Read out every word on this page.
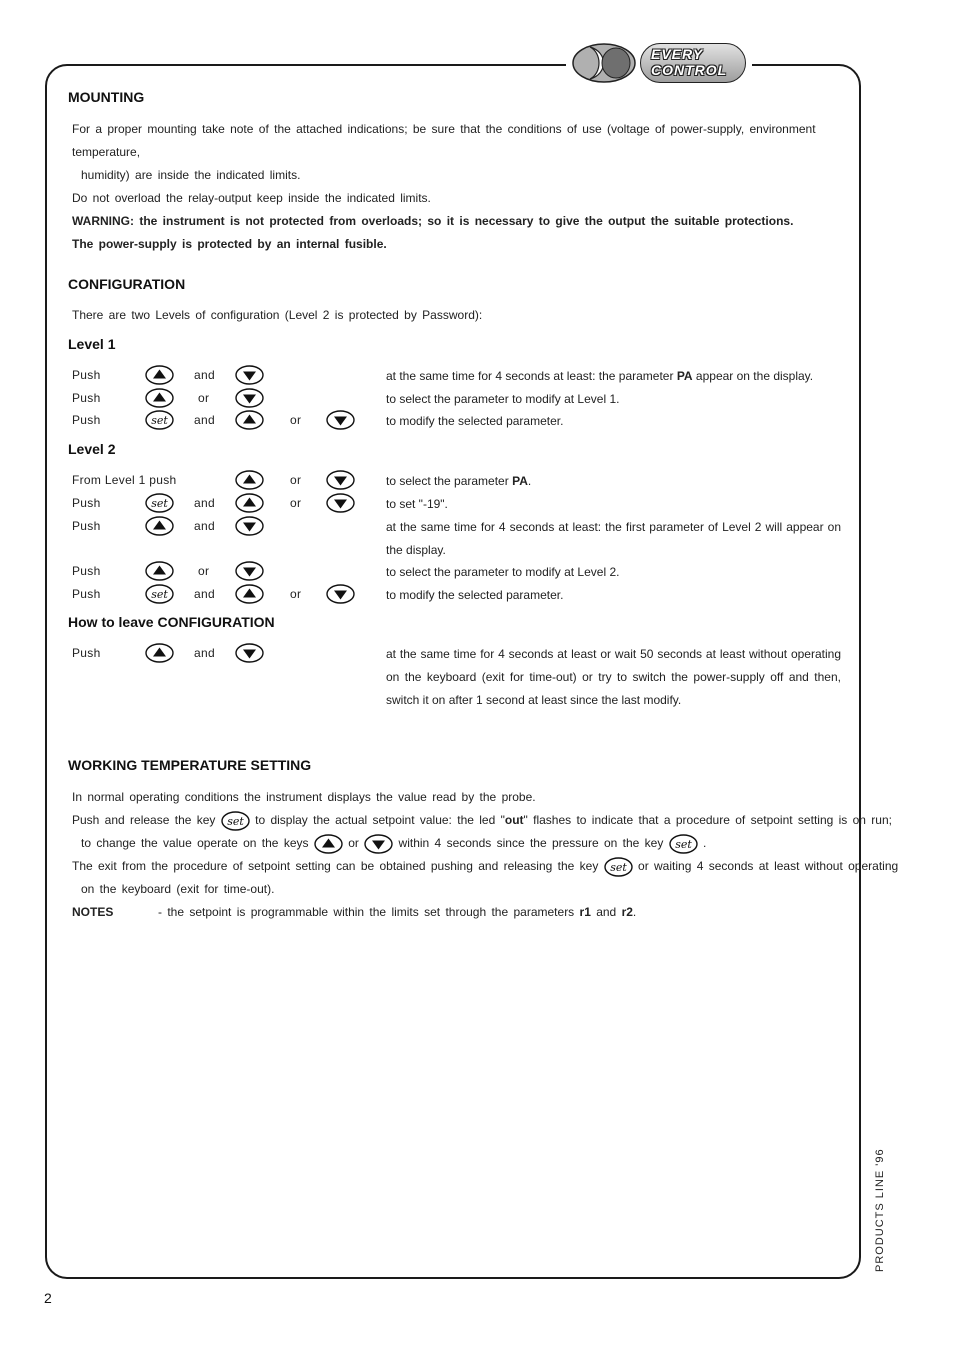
EVERY
CONTROL
MOUNTING
For a proper mounting take note of the attached indications; be sure that the conditions of use (voltage of power-supply, environment temperature,
humidity) are inside the indicated limits.
Do not overload the relay-output keep inside the indicated limits.
WARNING: the instrument is not protected from overloads; so it is necessary to give the output the suitable protections.
The power-supply is protected by an internal fusible.
CONFIGURATION
There are two Levels of configuration (Level 2 is protected by Password):
Level 1
Push	and	at the same time for 4 seconds at least: the parameter PA appear on the display.
Push	or	to select the parameter to modify at Level 1.
Push	set and	or	to modify the selected parameter.
Level 2
From Level 1 push	or	to select the parameter PA.
Push	set and	or	to set "-19".
Push	and	at the same time for 4 seconds at least: the first parameter of Level 2 will appear on the display.
Push	or	to select the parameter to modify at Level 2.
Push	set and	or	to modify the selected parameter.
How to leave CONFIGURATION
Push	and	at the same time for 4 seconds at least or wait 50 seconds at least without operating on the keyboard (exit for time-out) or try to switch the power-supply off and then, switch it on after 1 second at least since the last modify.
WORKING TEMPERATURE SETTING
In normal operating conditions the instrument displays the value read by the probe.
Push and release the key set to display the actual setpoint value: the led "out" flashes to indicate that a procedure of setpoint setting is on run;
to change the value operate on the keys	or	within 4 seconds since the pressure on the key set .
The exit from the procedure of setpoint setting can be obtained pushing and releasing the key set or waiting 4 seconds at least without operating
on the keyboard (exit for time-out).
NOTES	- the setpoint is programmable within the limits set through the parameters r1 and r2.
2
PRODUCTS LINE '96
